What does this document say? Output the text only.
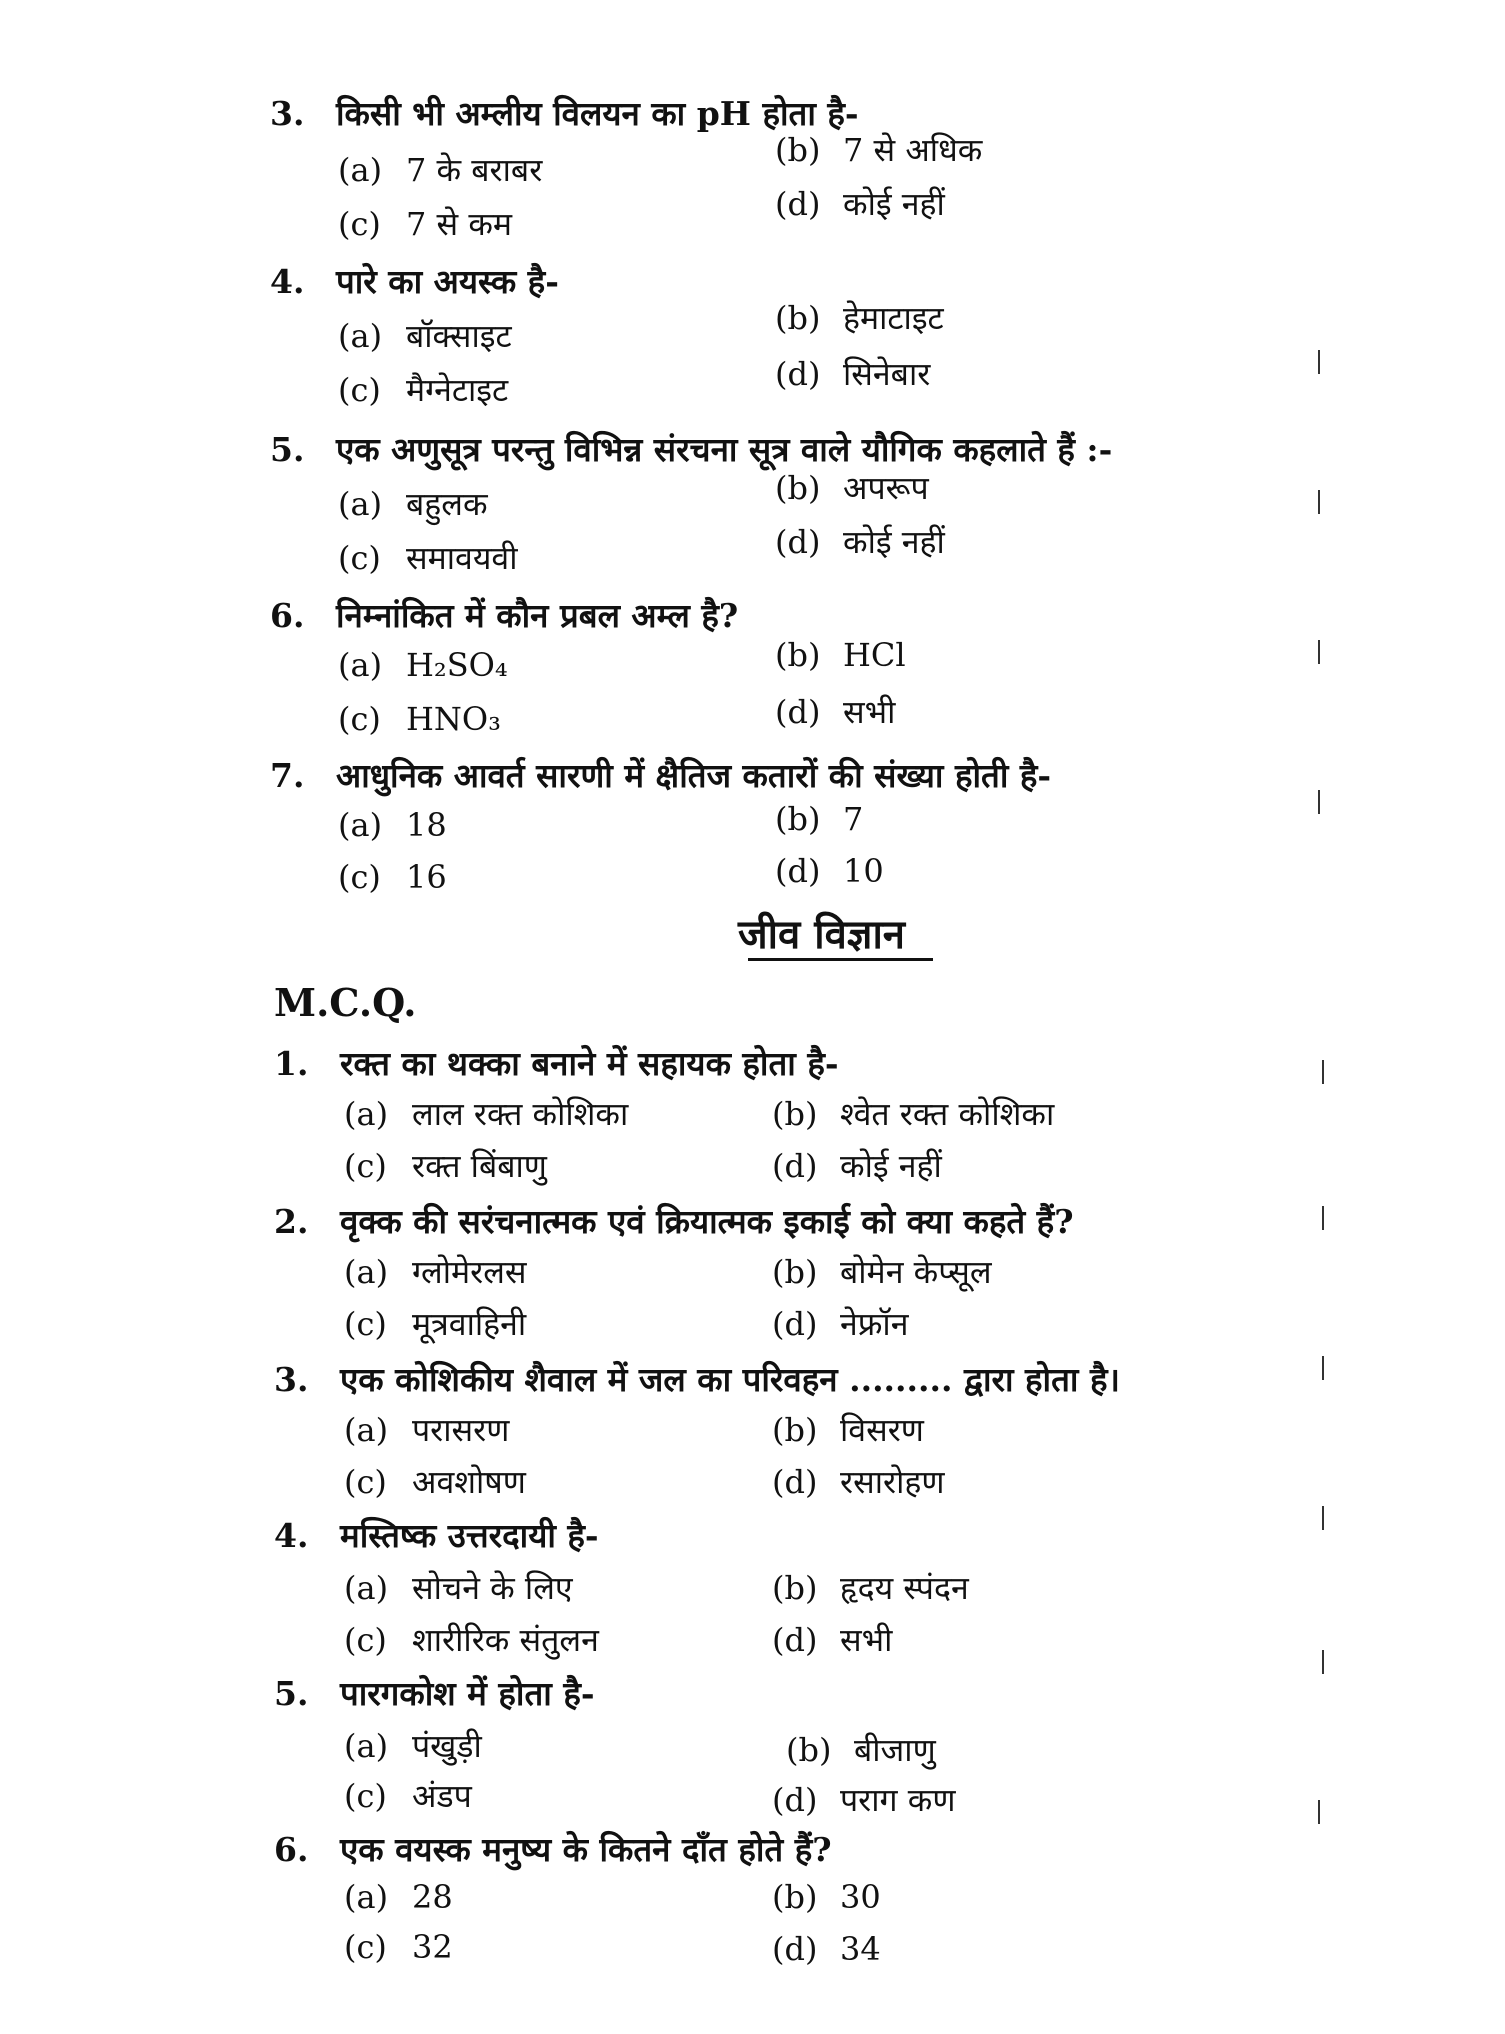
3. किसी भी अम्लीय विलयन का pH होता है-
(a) 7 के बराबर
(b) 7 से अधिक
(c) 7 से कम
(d) कोई नहीं
4. पारे का अयस्क है-
(a) बॉक्साइट	(b) हेमाटाइट
(c) मैग्नेटाइट	(d) सिनेबार
5. एक अणुसूत्र परन्तु विभिन्न संरचना सूत्र वाले यौगिक कहलाते हैं :-
(a) बहुलक	(b) अपरूप
(c) समावयवी	(d) कोई नहीं
6. निम्नांकित में कौन प्रबल अम्ल है?
(a) H₂SO₄	(b) HCl
(c) HNO₃	(d) सभी
7. आधुनिक आवर्त सारणी में क्षैतिज कतारों की संख्या होती है-
(a) 18	(b) 7
(c) 16	(d) 10
जीव विज्ञान
M.C.Q.
1. रक्त का थक्का बनाने में सहायक होता है-
(a) लाल रक्त कोशिका	(b) श्वेत रक्त कोशिका
(c) रक्त बिंबाणु	(d) कोई नहीं
2. वृक्क की सरंचनात्मक एवं क्रियात्मक इकाई को क्या कहते हैं?
(a) ग्लोमेरलस	(b) बोमेन केप्सूल
(c) मूत्रवाहिनी	(d) नेफ्रॉन
3. एक कोशिकीय शैवाल में जल का परिवहन ......... द्वारा होता है।
(a) परासरण	(b) विसरण
(c) अवशोषण	(d) रसारोहण
4. मस्तिष्क उत्तरदायी है-
(a) सोचने के लिए	(b) हृदय स्पंदन
(c) शारीरिक संतुलन	(d) सभी
5. पारगकोश में होता है-
(a) पंखुड़ी	(b) बीजाणु
(c) अंडप	(d) पराग कण
6. एक वयस्क मनुष्य के कितने दाँत होते हैं?
(a) 28	(b) 30
(c) 32	(d) 34
